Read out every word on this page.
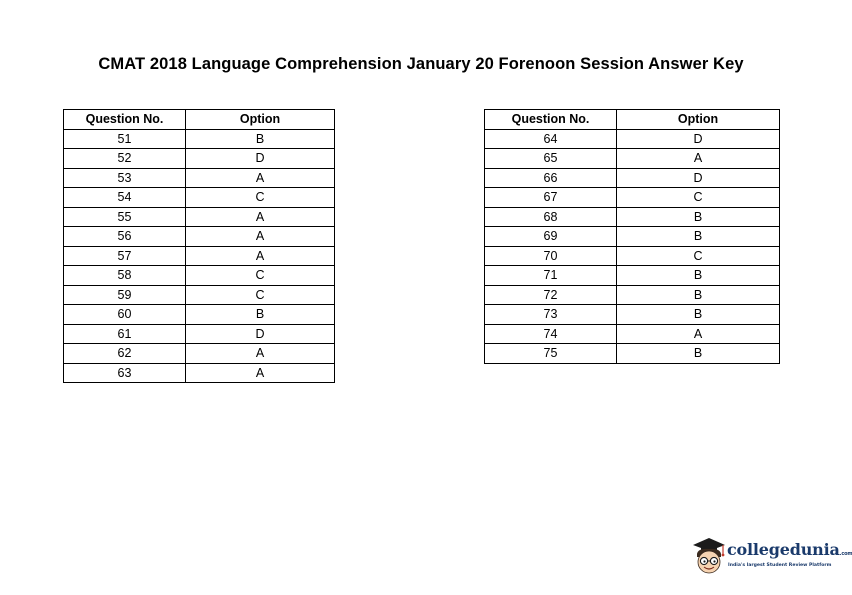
CMAT 2018 Language Comprehension January 20 Forenoon Session Answer Key
Question No.	Option
51	B
52	D
53	A
54	C
55	A
56	A
57	A
58	C
59	C
60	B
61	D
62	A
63	A
Question No.	Option
64	D
65	A
66	D
67	C
68	B
69	B
70	C
71	B
72	B
73	B
74	A
75	B
collegedunia.com
India's largest Student Review Platform
